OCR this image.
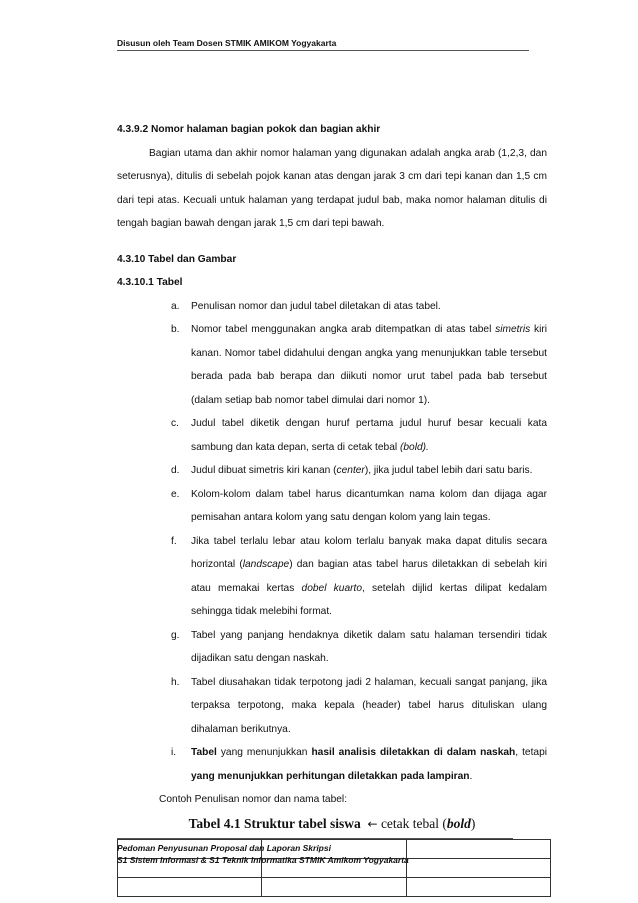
Disusun oleh Team Dosen STMIK AMIKOM Yogyakarta

4.3.9.2 Nomor halaman bagian pokok dan bagian akhir

Bagian utama dan akhir nomor halaman yang digunakan adalah angka arab (1,2,3, dan seterusnya), ditulis di sebelah pojok kanan atas dengan jarak 3 cm dari tepi kanan dan 1,5 cm dari tepi atas. Kecuali untuk halaman yang terdapat judul bab, maka nomor halaman ditulis di tengah bagian bawah dengan jarak 1,5 cm dari tepi bawah.

4.3.10 Tabel dan Gambar

4.3.10.1 Tabel

a. Penulisan nomor dan judul tabel diletakan di atas tabel.

b. Nomor tabel menggunakan angka arab ditempatkan di atas tabel simetris kiri kanan. Nomor tabel didahului dengan angka yang menunjukkan table tersebut berada pada bab berapa dan diikuti nomor urut tabel pada bab tersebut (dalam setiap bab nomor tabel dimulai dari nomor 1).

c. Judul tabel diketik dengan huruf pertama judul huruf besar kecuali kata sambung dan kata depan, serta di cetak tebal (bold).

d. Judul dibuat simetris kiri kanan (center), jika judul tabel lebih dari satu baris.

e. Kolom-kolom dalam tabel harus dicantumkan nama kolom dan dijaga agar pemisahan antara kolom yang satu dengan kolom yang lain tegas.

f. Jika tabel terlalu lebar atau kolom terlalu banyak maka dapat ditulis secara horizontal (landscape) dan bagian atas tabel harus diletakkan di sebelah kiri atau memakai kertas dobel kuarto, setelah dijlid kertas dilipat kedalam sehingga tidak melebihi format.

g. Tabel yang panjang hendaknya diketik dalam satu halaman tersendiri tidak dijadikan satu dengan naskah.

h. Tabel diusahakan tidak terpotong jadi 2 halaman, kecuali sangat panjang, jika terpaksa terpotong, maka kepala (header) tabel harus dituliskan ulang dihalaman berikutnya.

i. Tabel yang menunjukkan hasil analisis diletakkan di dalam naskah, tetapi yang menunjukkan perhitungan diletakkan pada lampiran.

Contoh Penulisan nomor dan nama tabel:

Tabel 4.1 Struktur tabel siswa ← cetak tebal (bold)

Pedoman Penyusunan Proposal dan Laporan Skripsi
S1 Sistem Informasi & S1 Teknik Informatika STMIK Amikom Yogyakarta
